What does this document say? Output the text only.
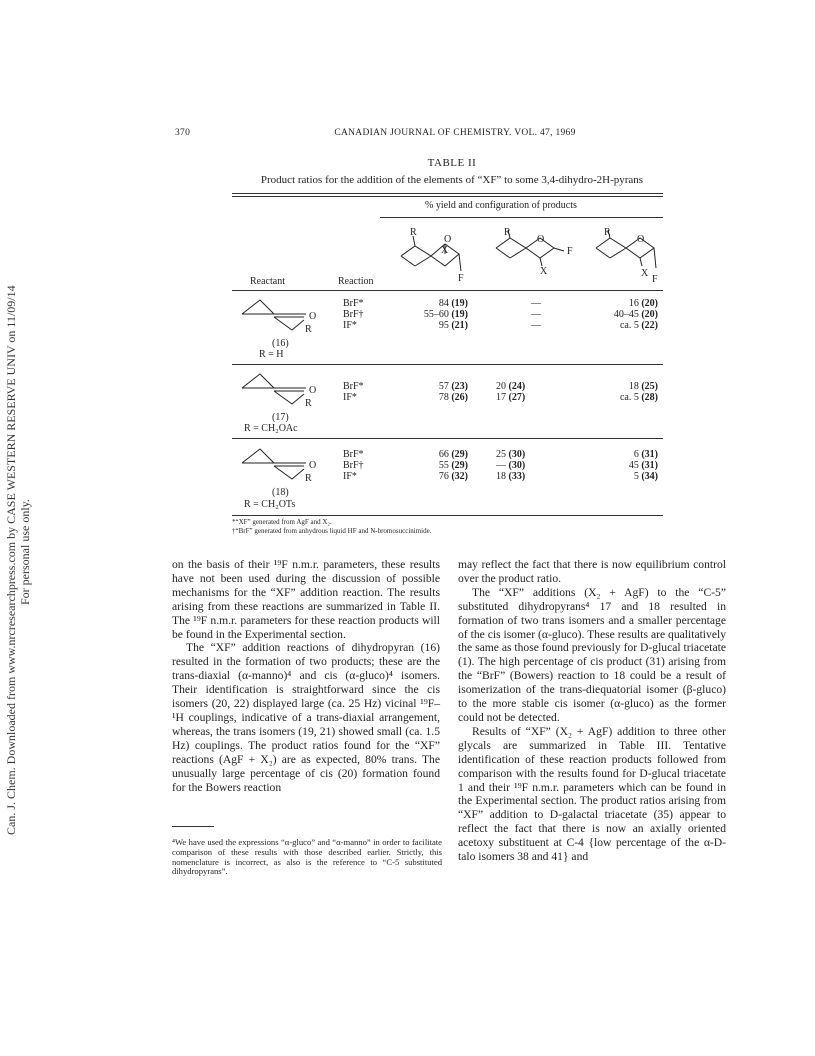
Can. J. Chem. Downloaded from www.nrcresearchpress.com by CASE WESTERN RESERVE UNIV on 11/09/14 For personal use only.
370	CANADIAN JOURNAL OF CHEMISTRY. VOL. 47, 1969
TABLE II
Product ratios for the addition of the elements of “XF” to some 3,4-dihydro-2H-pyrans
% yield and configuration of products
R
O
X
F
R
O
F
X
R
O
X
F
Reactant	Reaction
O
R
(16)
R = H
BrF*
BrF†
IF*
84 (19)
55–60 (19)
95 (21)
—
—
—
16 (20)
40–45 (20)
ca. 5 (22)
O
R
(17)
R = CH₂OAc
BrF*
IF*
57 (23)
78 (26)
20 (24)
17 (27)
18 (25)
ca. 5 (28)
O
R
(18)
R = CH₂OTs
BrF*
BrF†
IF*
66 (29)
55 (29)
76 (32)
25 (30)
— (30)
18 (33)
6 (31)
45 (31)
5 (34)
*“XF” generated from AgF and X₂.
†“BrF” generated from anhydrous liquid HF and N-bromosuccinimide.

on the basis of their ¹⁹F n.m.r. parameters, these results have not been used during the discussion of possible mechanisms for the “XF” addition reaction. The results arising from these reactions are summarized in Table II. The ¹⁹F n.m.r. parameters for these reaction products will be found in the Experimental section.

The “XF” addition reactions of dihydropyran (16) resulted in the formation of two products; these are the trans-diaxial (α-manno)⁴ and cis (α-gluco)⁴ isomers. Their identification is straightforward since the cis isomers (20, 22) displayed large (ca. 25 Hz) vicinal ¹⁹F–¹H couplings, indicative of a trans-diaxial arrangement, whereas, the trans isomers (19, 21) showed small (ca. 1.5 Hz) couplings. The product ratios found for the “XF” reactions (AgF + X₂) are as expected, 80% trans. The unusually large percentage of cis (20) formation found for the Bowers reaction

⁴We have used the expressions “α-gluco” and “α-manno” in order to facilitate comparison of these results with those described earlier. Strictly, this nomenclature is incorrect, as also is the reference to “C-5 substituted dihydropyrans”.

may reflect the fact that there is now equilibrium control over the product ratio.

The “XF” additions (X₂ + AgF) to the “C-5” substituted dihydropyrans⁴ 17 and 18 resulted in formation of two trans isomers and a smaller percentage of the cis isomer (α-gluco). These results are qualitatively the same as those found previously for D-glucal triacetate (1). The high percentage of cis product (31) arising from the “BrF” (Bowers) reaction to 18 could be a result of isomerization of the trans-diequatorial isomer (β-gluco) to the more stable cis isomer (α-gluco) as the former could not be detected.

Results of “XF” (X₂ + AgF) addition to three other glycals are summarized in Table III. Tentative identification of these reaction products followed from comparison with the results found for D-glucal triacetate 1 and their ¹⁹F n.m.r. parameters which can be found in the Experimental section. The product ratios arising from “XF” addition to D-galactal triacetate (35) appear to reflect the fact that there is now an axially oriented acetoxy substituent at C-4 {low percentage of the α-D-talo isomers 38 and 41} and
